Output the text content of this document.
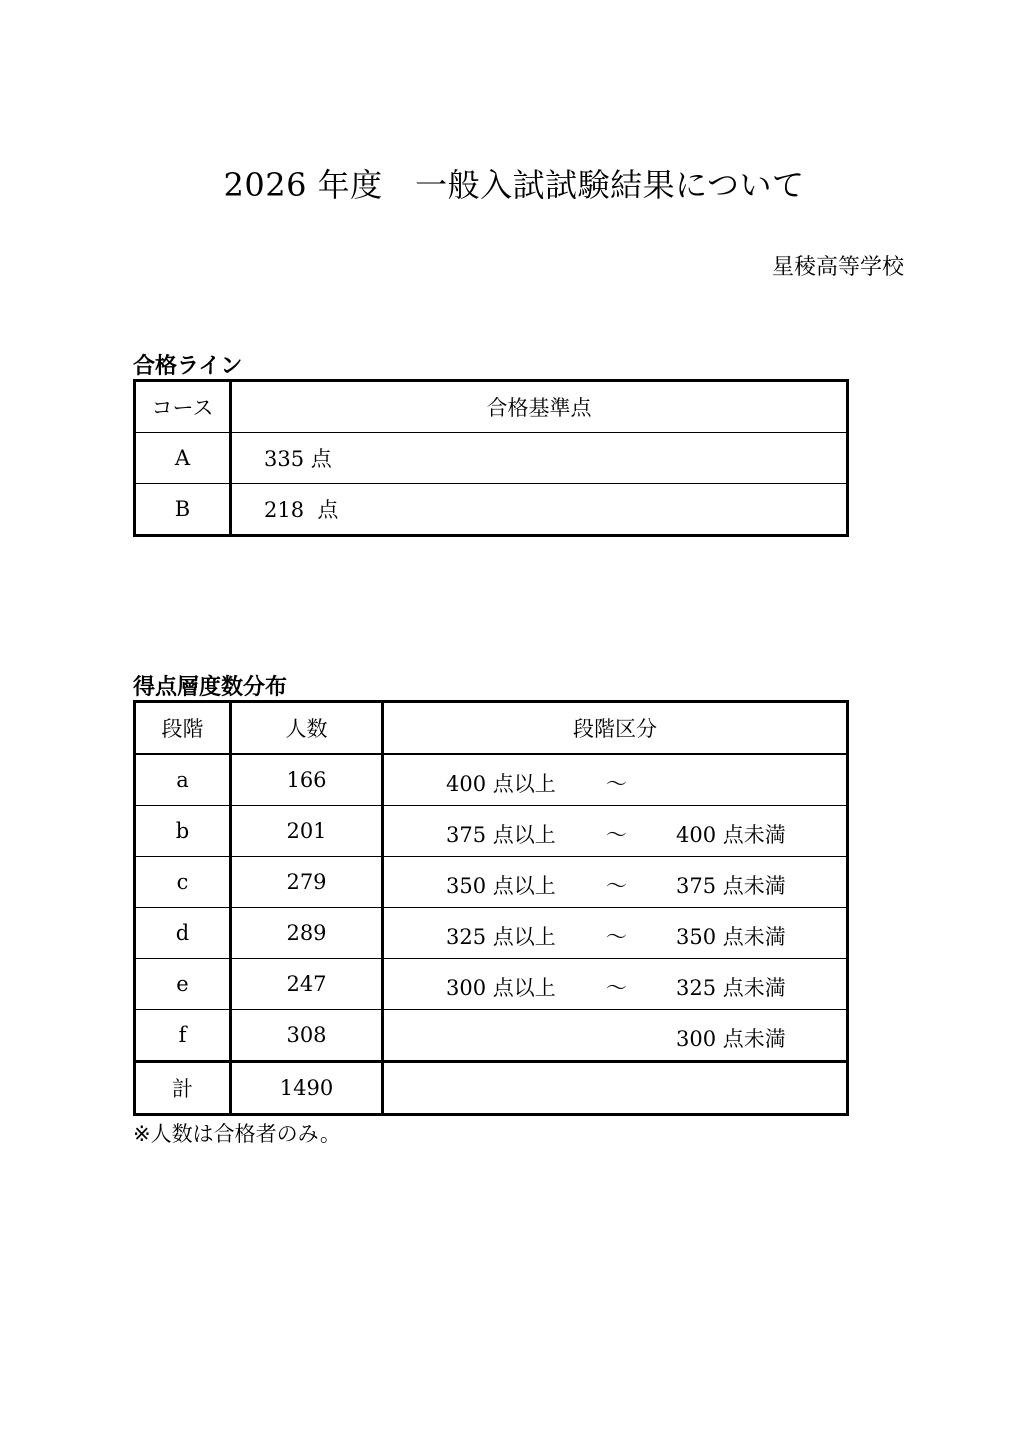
2026 年度　一般入試試験結果について
星稜高等学校
合格ライン
コース	合格基準点
A	335 点
B	218  点
得点層度数分布
段階	人数	段階区分
a	166	400 点以上 ～

b	201	375 点以上 ～ 400 点未満

c	279	350 点以上 ～ 375 点未満

d	289	325 点以上 ～ 350 点未満

e	247	300 点以上 ～ 325 点未満

f	308	300 点未満

計	1490	
※人数は合格者のみ。
